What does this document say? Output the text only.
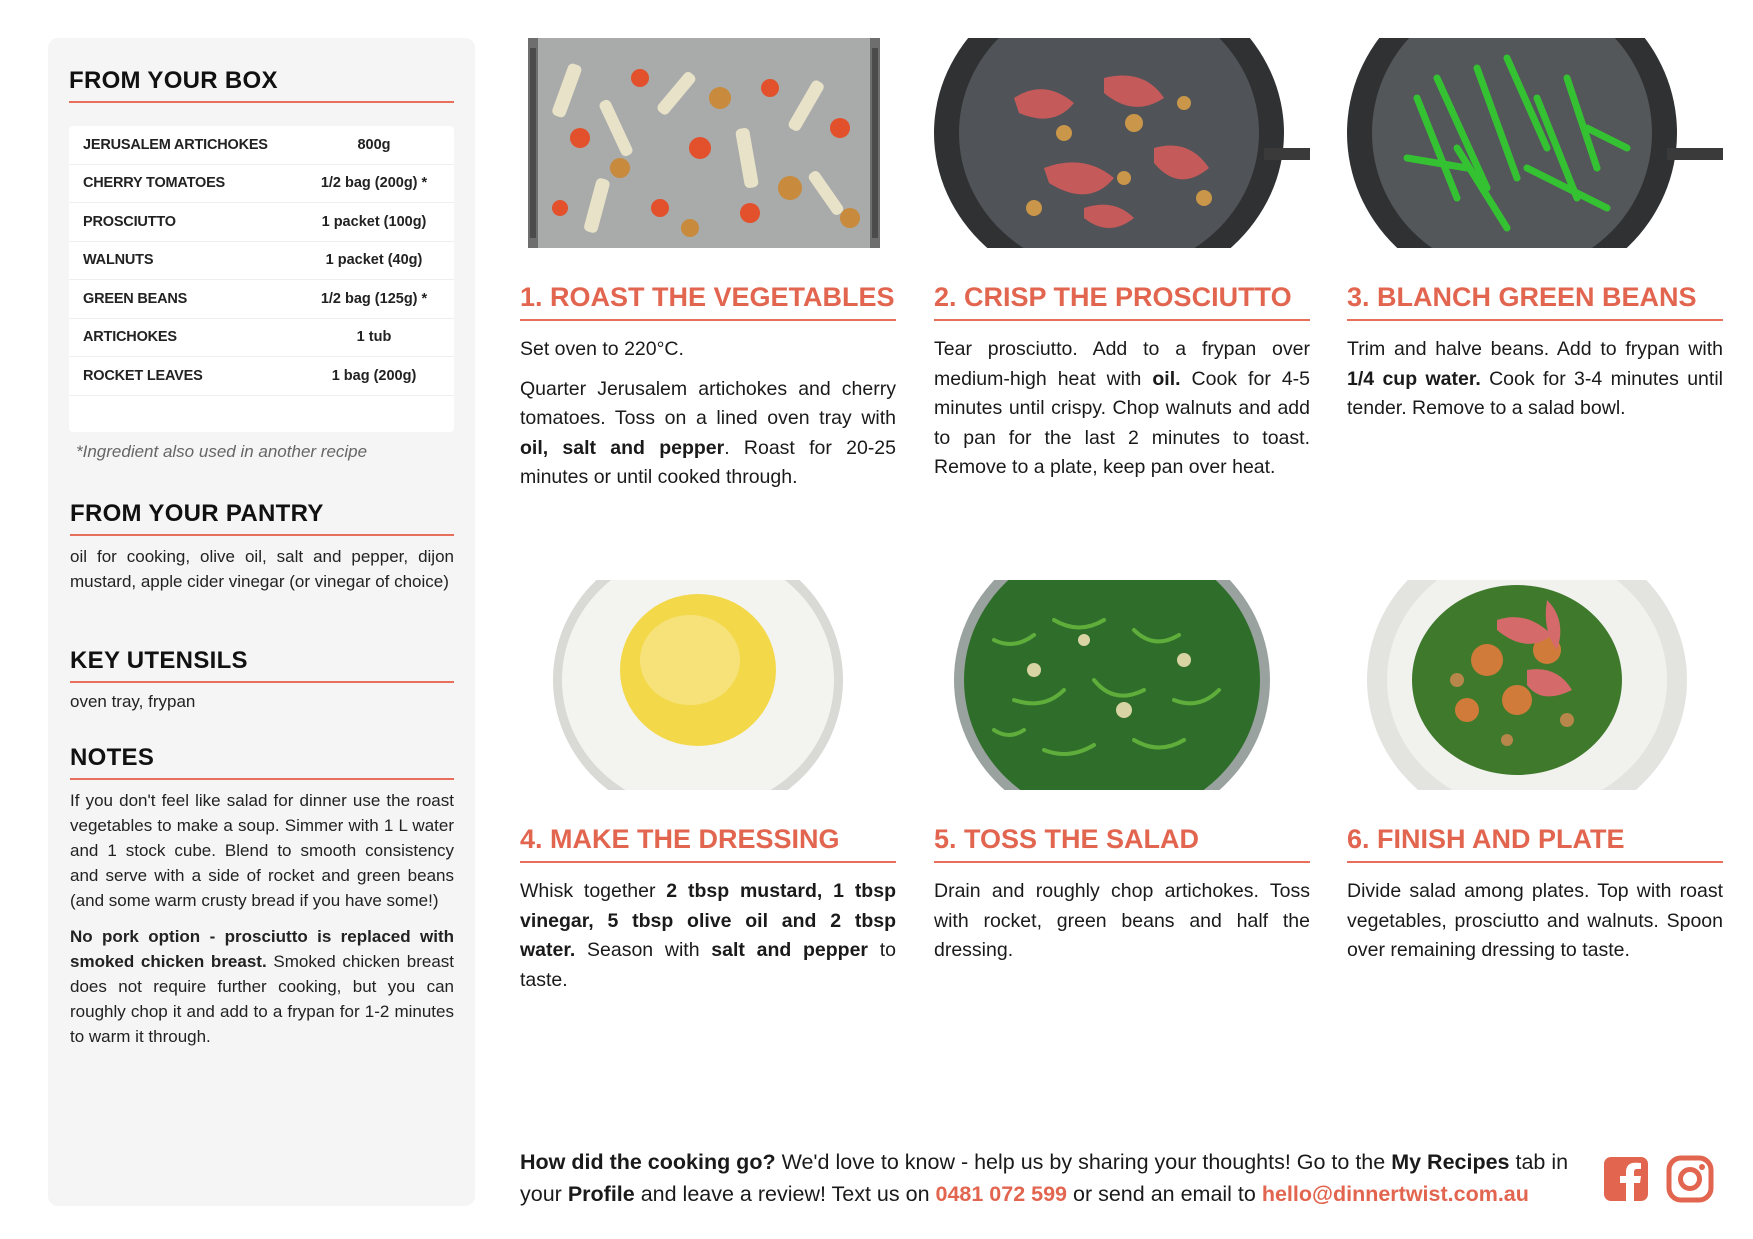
FROM YOUR BOX
JERUSALEM ARTICHOKES	800g
CHERRY TOMATOES	1/2 bag (200g) *
PROSCIUTTO	1 packet (100g)
WALNUTS	1 packet (40g)
GREEN BEANS	1/2 bag (125g) *
ARTICHOKES	1 tub
ROCKET LEAVES	1 bag (200g)
*Ingredient also used in another recipe
FROM YOUR PANTRY
oil for cooking, olive oil, salt and pepper, dijon mustard, apple cider vinegar (or vinegar of choice)
KEY UTENSILS
oven tray, frypan
NOTES

If you don't feel like salad for dinner use the roast vegetables to make a soup. Simmer with 1 L water and 1 stock cube. Blend to smooth consistency and serve with a side of rocket and green beans (and some warm crusty bread if you have some!)

No pork option - prosciutto is replaced with smoked chicken breast. Smoked chicken breast does not require further cooking, but you can roughly chop it and add to a frypan for 1-2 minutes to warm it through.

1. ROAST THE VEGETABLES

Set oven to 220°C.

Quarter Jerusalem artichokes and cherry tomatoes. Toss on a lined oven tray with oil, salt and pepper. Roast for 20-25 minutes or until cooked through.

2. CRISP THE PROSCIUTTO

Tear prosciutto. Add to a frypan over medium-high heat with oil. Cook for 4-5 minutes until crispy. Chop walnuts and add to pan for the last 2 minutes to toast. Remove to a plate, keep pan over heat.

3. BLANCH GREEN BEANS

Trim and halve beans. Add to frypan with 1/4 cup water. Cook for 3-4 minutes until tender. Remove to a salad bowl.

4. MAKE THE DRESSING

Whisk together 2 tbsp mustard, 1 tbsp vinegar, 5 tbsp olive oil and 2 tbsp water. Season with salt and pepper to taste.

5. TOSS THE SALAD

Drain and roughly chop artichokes. Toss with rocket, green beans and half the dressing.

6. FINISH AND PLATE

Divide salad among plates. Top with roast vegetables, prosciutto and walnuts. Spoon over remaining dressing to taste.

How did the cooking go? We'd love to know - help us by sharing your thoughts! Go to the My Recipes tab in your Profile and leave a review! Text us on 0481 072 599 or send an email to hello@dinnertwist.com.au
